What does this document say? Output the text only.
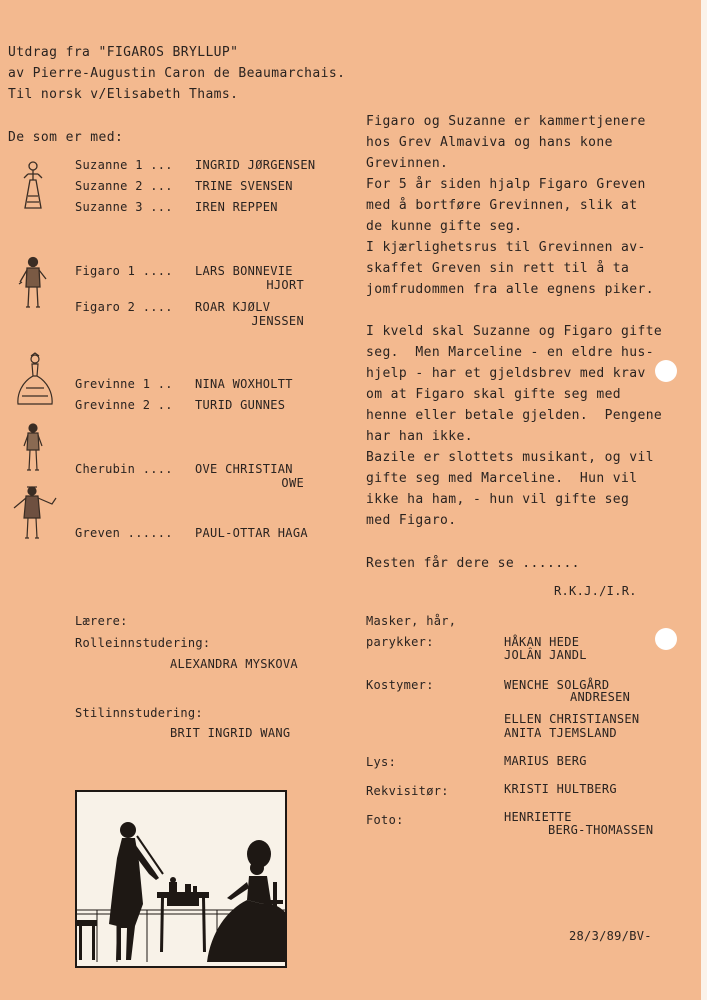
Utdrag fra "FIGAROS BRYLLUP"
av Pierre-Augustin Caron de Beaumarchais.
Til norsk v/Elisabeth Thams.
De som er med:
Suzanne 1 ... INGRID JØRGENSEN
Suzanne 2 ... TRINE SVENSEN
Suzanne 3 ... IREN REPPEN
Figaro 1 .... LARS BONNEVIE
HJORT
Figaro 2 .... ROAR KJØLV
JENSSEN
Grevinne 1 .. NINA WOXHOLTT
Grevinne 2 .. TURID GUNNES
Cherubin .... OVE CHRISTIAN
OWE
Greven ...... PAUL-OTTAR HAGA
Lærere:
Rolleinnstudering:
ALEXANDRA MYSKOVA
Stilinnstudering:
BRIT INGRID WANG
Figaro og Suzanne er kammertjenere
hos Grev Almaviva og hans kone
Grevinnen.
For 5 år siden hjalp Figaro Greven
med å bortføre Grevinnen, slik at
de kunne gifte seg.
I kjærlighetsrus til Grevinnen av-
skaffet Greven sin rett til å ta
jomfrudommen fra alle egnens piker.
I kveld skal Suzanne og Figaro gifte
seg.  Men Marceline - en eldre hus-
hjelp - har et gjeldsbrev med krav
om at Figaro skal gifte seg med
henne eller betale gjelden.  Pengene
har han ikke.
Bazile er slottets musikant, og vil
gifte seg med Marceline.  Hun vil
ikke ha ham, - hun vil gifte seg
med Figaro.
Resten får dere se .......
R.K.J./I.R.
Masker, hår,
parykker:	HÅKAN HEDE
JOLÂN JANDL
Kostymer:	WENCHE SOLGÅRD
ANDRESEN
ELLEN CHRISTIANSEN
ANITA TJEMSLAND
Lys:	MARIUS BERG
Rekvisitør:	KRISTI HULTBERG
Foto:	HENRIETTE
BERG-THOMASSEN
28/3/89/BV-
